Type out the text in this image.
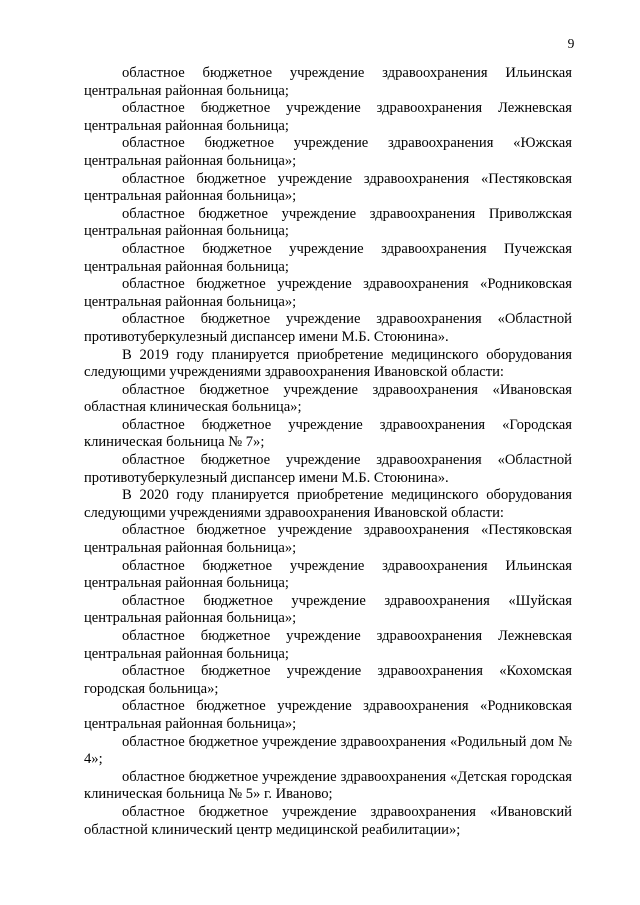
9

областное бюджетное учреждение здравоохранения Ильинская центральная районная больница;

областное бюджетное учреждение здравоохранения Лежневская центральная районная больница;

областное бюджетное учреждение здравоохранения «Южская центральная районная больница»;

областное бюджетное учреждение здравоохранения «Пестяковская центральная районная больница»;

областное бюджетное учреждение здравоохранения Приволжская центральная районная больница;

областное бюджетное учреждение здравоохранения Пучежская центральная районная больница;

областное бюджетное учреждение здравоохранения «Родниковская центральная районная больница»;

областное бюджетное учреждение здравоохранения «Областной противотуберкулезный диспансер имени М.Б. Стоюнина».

В 2019 году планируется приобретение медицинского оборудования следующими учреждениями здравоохранения Ивановской области:

областное бюджетное учреждение здравоохранения «Ивановская областная клиническая больница»;

областное бюджетное учреждение здравоохранения «Городская клиническая больница № 7»;

областное бюджетное учреждение здравоохранения «Областной противотуберкулезный диспансер имени М.Б. Стоюнина».

В 2020 году планируется приобретение медицинского оборудования следующими учреждениями здравоохранения Ивановской области:

областное бюджетное учреждение здравоохранения «Пестяковская центральная районная больница»;

областное бюджетное учреждение здравоохранения Ильинская центральная районная больница;

областное бюджетное учреждение здравоохранения «Шуйская центральная районная больница»;

областное бюджетное учреждение здравоохранения Лежневская центральная районная больница;

областное бюджетное учреждение здравоохранения «Кохомская городская больница»;

областное бюджетное учреждение здравоохранения «Родниковская центральная районная больница»;

областное бюджетное учреждение здравоохранения «Родильный дом № 4»;

областное бюджетное учреждение здравоохранения «Детская городская клиническая больница № 5» г. Иваново;

областное бюджетное учреждение здравоохранения «Ивановский областной клинический центр медицинской реабилитации»;
